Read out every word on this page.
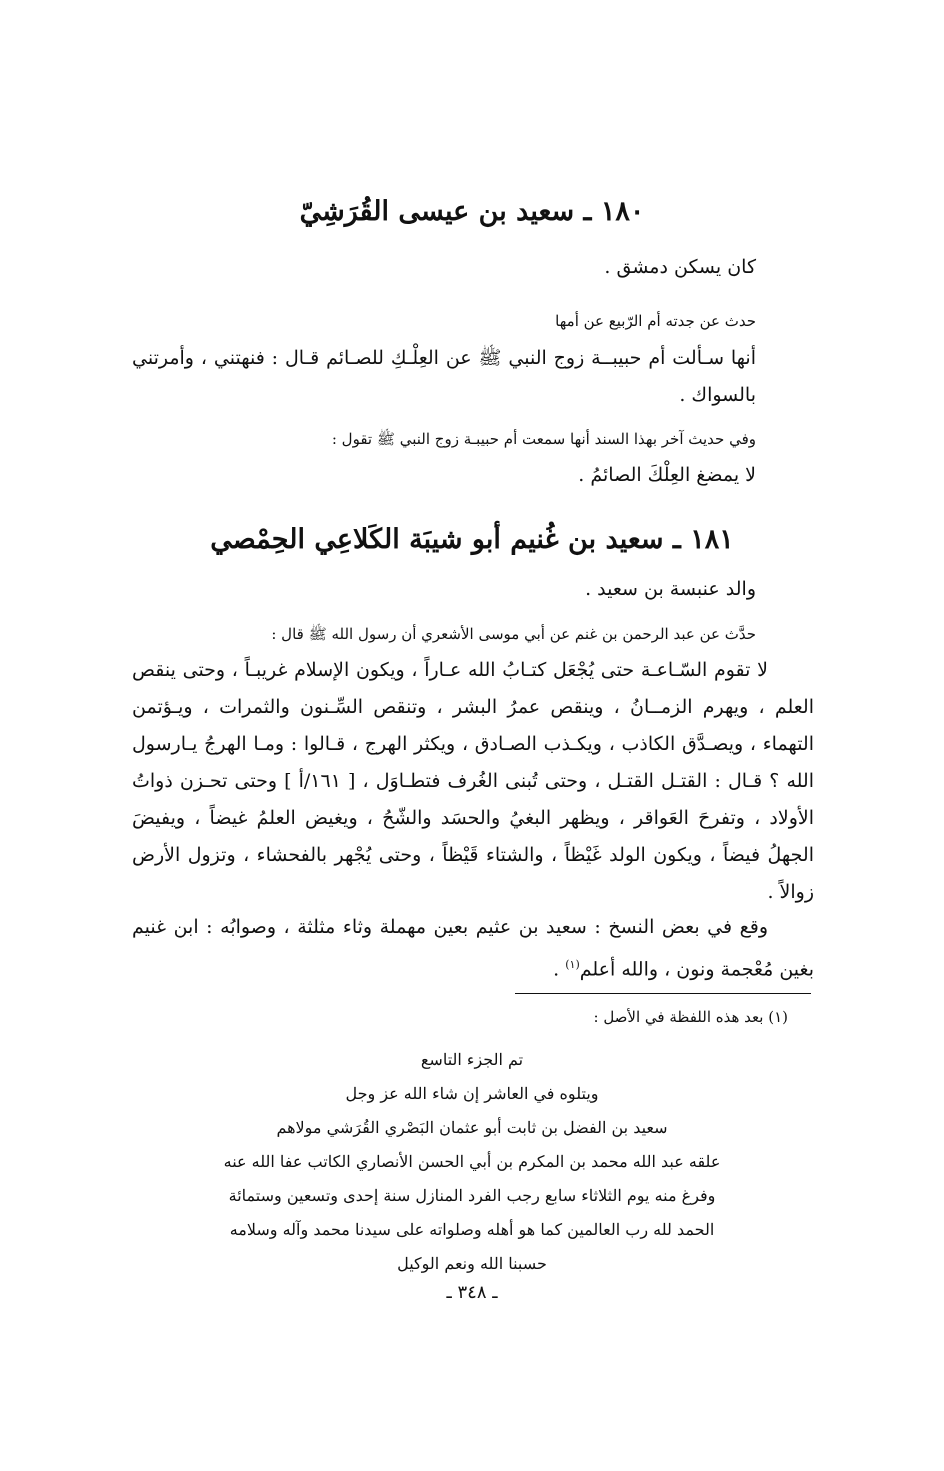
١٨٠ ـ سعيد بن عيسى القُرَشِيّ
كان يسكن دمشق .
حدث عن جدته أم الرّبيع عن أمها
أنها سـألت أم حبيبــة زوج النبي ﷺ عن العِلْـكِ للصـائم قـال : فنهتني ، وأمرتني بالسواك .
وفي حديث آخر بهذا السند أنها سمعت أم حبيبـة زوج النبي ﷺ تقول :
لا يمضغ العِلْكَ الصائمُ .
١٨١ ـ سعيد بن غُنيم أبو شيبَة الكَلاعِي الحِمْصي
والد عنبسة بن سعيد .
حدَّث عن عبد الرحمن بن غنم عن أبي موسى الأشعري أن رسول الله ﷺ قال :
لا تقوم السّـاعـة حتى يُجْعَل كتـابُ الله عـاراً ، ويكون الإسلام غريبـاً ، وحتى ينقص العلم ، ويهرم الزمــانُ ، وينقص عمرُ البشر ، وتنقص السِّـنون والثمرات ، ويـؤتمن التهماء ، ويصـدَّق الكاذب ، ويكـذب الصـادق ، ويكثر الهرج ، قـالوا : ومـا الهرجُ يـارسول الله ؟ قـال : القتـل القتـل ، وحتى تُبنى الغُرف فتطـاوَل ، [ ١٦١/أ ] وحتى تحـزن ذواتُ الأولاد ، وتفرحَ العَواقر ، ويظهر البغيُ والحسَد والشّحُ ، ويغيض العلمُ غيضاً ، ويفيضَ الجهلُ فيضاً ، ويكون الولد غَيْظاً ، والشتاء قَيْظاً ، وحتى يُجْهر بالفحشاء ، وتزول الأرض زوالاً .
وقع في بعض النسخ : سعيد بن عثيم بعين مهملة وثاء مثلثة ، وصوابُه : ابن غنيم بغين مُعْجمة ونون ، والله أعلم$^{(١)}$ .
(١) بعد هذه اللفظة في الأصل :
تم الجزء التاسع
ويتلوه في العاشر إن شاء الله عز وجل
سعيد بن الفضل بن ثابت أبو عثمان البَصْري القُرَشي مولاهم
علقه عبد الله محمد بن المكرم بن أبي الحسن الأنصاري الكاتب عفا الله عنه
وفرغ منه يوم الثلاثاء سابع رجب الفرد المنازل سنة إحدى وتسعين وستمائة
الحمد لله رب العالمين كما هو أهله وصلواته على سيدنا محمد وآله وسلامه
حسبنا الله ونعم الوكيل
ـ ٣٤٨ ـ
